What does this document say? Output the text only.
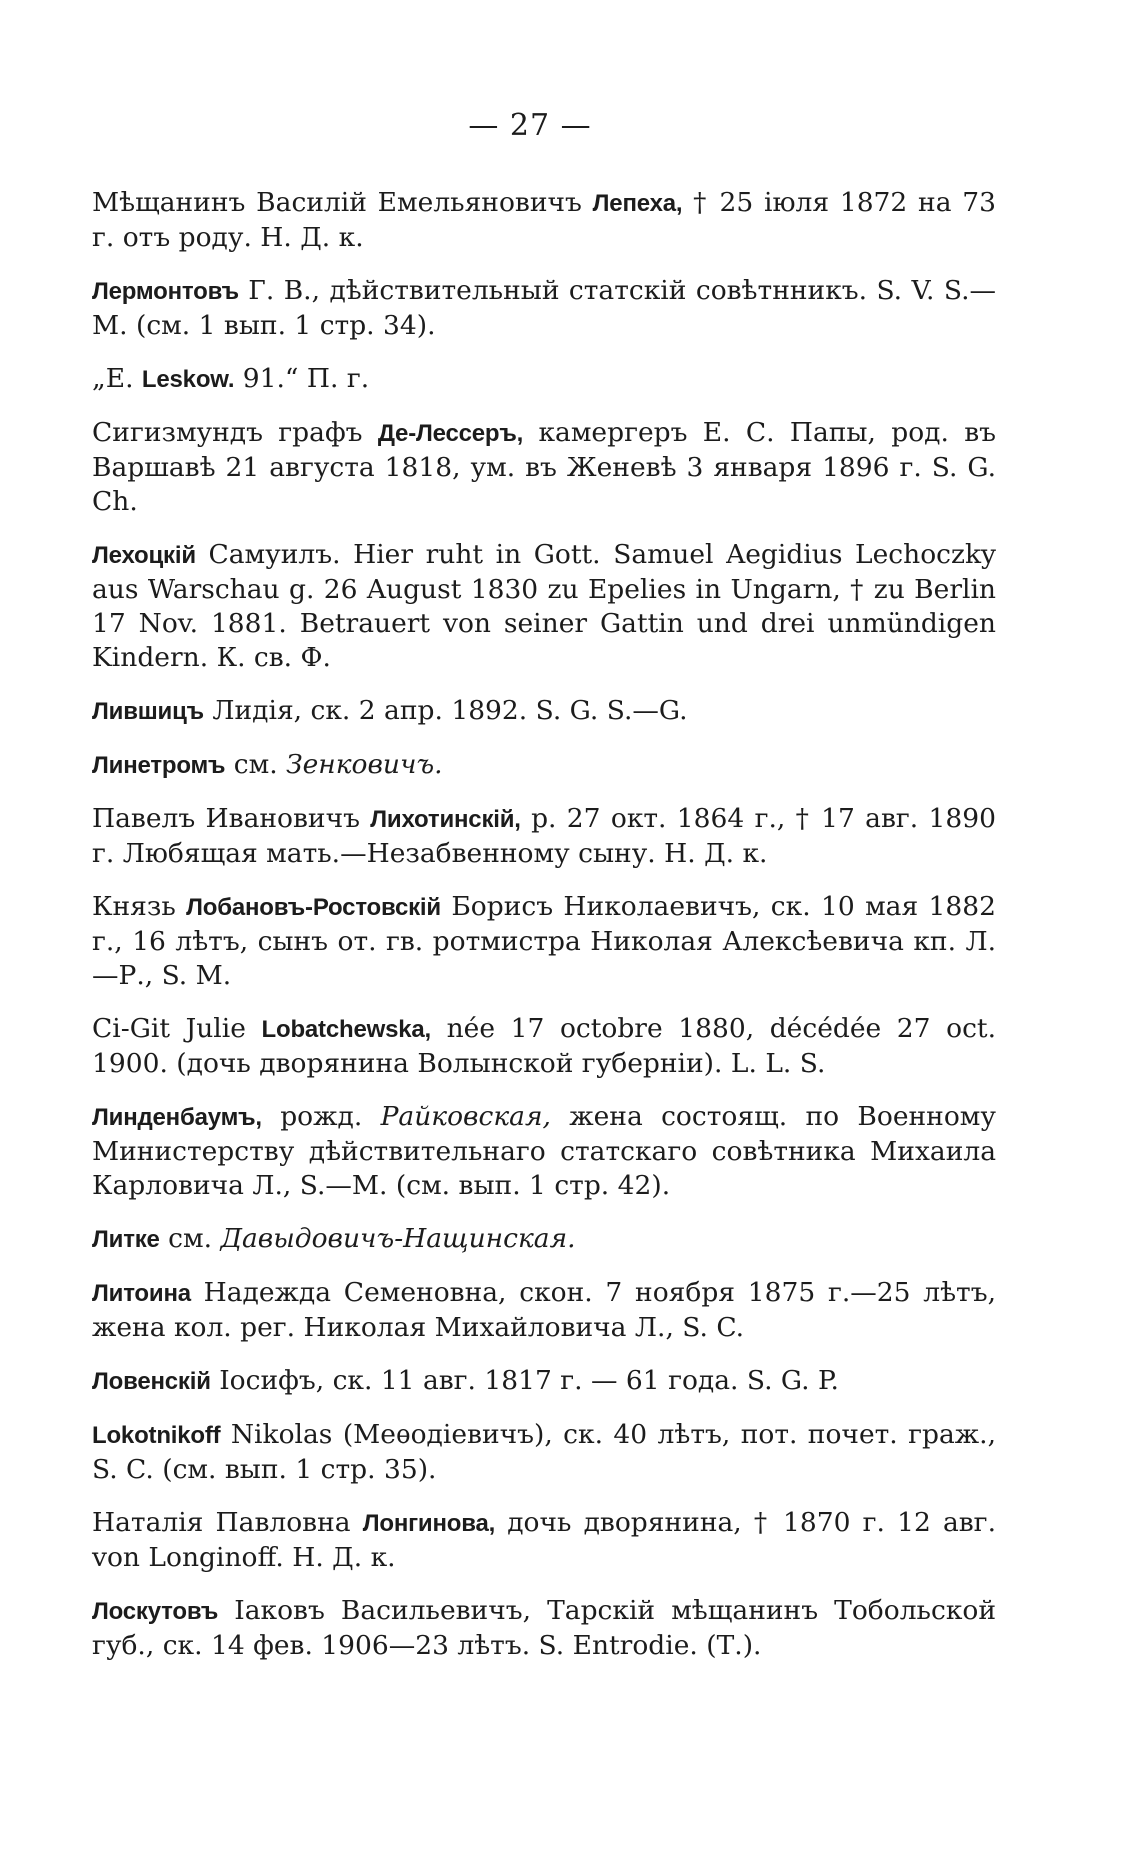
— 27 —

Мѣщанинъ Василій Емельяновичъ Лепеха, † 25 іюля 1872 на 73 г. отъ роду. Н. Д. к.

Лермонтовъ Г. В., дѣйствительный статскій совѣтнникъ. S. V. S.—M. (см. 1 вып. 1 стр. 34).

„E. Leskow. 91.“ П. г.

Сигизмундъ графъ Де-Лессеръ, камергеръ Е. С. Папы, род. въ Варшавѣ 21 августа 1818, ум. въ Женевѣ 3 января 1896 г. S. G. Ch.

Лехоцкій Самуилъ. Hier ruht in Gott. Samuel Aegidius Lechoczky aus Warschau g. 26 August 1830 zu Epelies in Ungarn, † zu Berlin 17 Nov. 1881. Betrauert von seiner Gattin und drei unmündigen Kindern. К. св. Ф.

Лившицъ Лидія, ск. 2 апр. 1892. S. G. S.—G.

Линетромъ см. Зенковичъ.

Павелъ Ивановичъ Лихотинскій, р. 27 окт. 1864 г., † 17 авг. 1890 г. Любящая мать.—Незабвенному сыну. Н. Д. к.

Князь Лобановъ-Ростовскій Борисъ Николаевичъ, ск. 10 мая 1882 г., 16 лѣтъ, сынъ от. гв. ротмистра Николая Алексѣевича кп. Л.—Р., S. M.

Ci-Git Julie Lobatchewska, née 17 octobre 1880, décédée 27 oct. 1900. (дочь дворянина Волынской губерніи). L. L. S.

Линденбаумъ, рожд. Райковская, жена состоящ. по Военному Министерству дѣйствительнаго статскаго совѣтника Михаила Карловича Л., S.—M. (см. вып. 1 стр. 42).

Литке см. Давыдовичъ-Нащинская.

Литоина Надежда Семеновна, скон. 7 ноября 1875 г.—25 лѣтъ, жена кол. рег. Николая Михайловича Л., S. C.

Ловенскій Іосифъ, ск. 11 авг. 1817 г. — 61 года. S. G. P.

Lokotnikoff Nikolas (Меѳодіевичъ), ск. 40 лѣтъ, пот. почет. граж., S. C. (см. вып. 1 стр. 35).

Наталія Павловна Лонгинова, дочь дворянина, † 1870 г. 12 авг. von Longinoff. Н. Д. к.

Лоскутовъ Іаковъ Васильевичъ, Тарскій мѣщанинъ Тобольской губ., ск. 14 фев. 1906—23 лѣтъ. S. Entrodie. (Т.).
